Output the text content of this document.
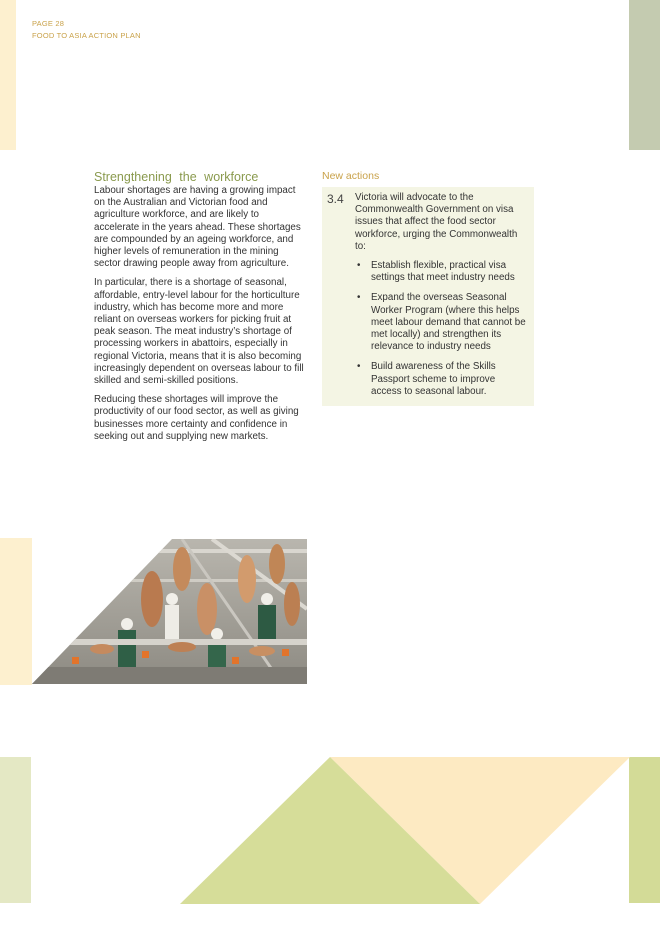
PAGE 28
FOOD TO ASIA ACTION PLAN
Strengthening the workforce

Labour shortages are having a growing impact on the Australian and Victorian food and agriculture workforce, and are likely to accelerate in the years ahead. These shortages are compounded by an ageing workforce, and higher levels of remuneration in the mining sector drawing people away from agriculture.

In particular, there is a shortage of seasonal, affordable, entry-level labour for the horticulture industry, which has become more and more reliant on overseas workers for picking fruit at peak season. The meat industry’s shortage of processing workers in abattoirs, especially in regional Victoria, means that it is also becoming increasingly dependent on overseas labour to fill skilled and semi-skilled positions.

Reducing these shortages will improve the productivity of our food sector, as well as giving businesses more certainty and confidence in seeking out and supplying new markets.

New actions
3.4 Victoria will advocate to the Commonwealth Government on visa issues that affect the food sector workforce, urging the Commonwealth to:
• Establish flexible, practical visa settings that meet industry needs
• Expand the overseas Seasonal Worker Program (where this helps meet labour demand that cannot be met locally) and strengthen its relevance to industry needs
• Build awareness of the Skills Passport scheme to improve access to seasonal labour.
